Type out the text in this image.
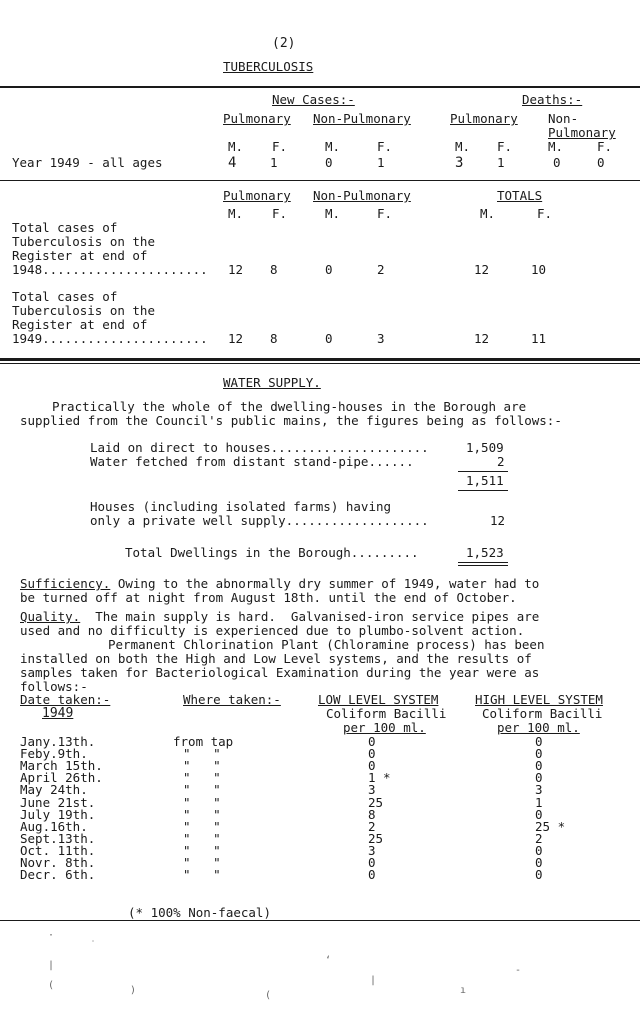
(2)
TUBERCULOSIS
New Cases:-	Deaths:-
Pulmonary Non-Pulmonary	Pulmonary Non-
Pulmonary
M. F.	M.	F.	M. F.	M.	F.
Year 1949 - all ages	4	1	0	1	3	1	0	0
Pulmonary Non-Pulmonary	TOTALS
M. F.	M.	F.	M.	F.
Total cases of
Tuberculosis on the
Register at end of
1948...................... 12 8	0	2	12	10
Total cases of
Tuberculosis on the
Register at end of
1949...................... 12 8	0	3	12	11
WATER SUPPLY.
Practically the whole of the dwelling-houses in the Borough are
supplied from the Council's public mains, the figures being as follows:-
Laid on direct to houses.....................	1,509
Water fetched from distant stand-pipe......	2
1,511
Houses (including isolated farms) having
only a private well supply...................	12
Total Dwellings in the Borough.........	1,523
Sufficiency. Owing to the abnormally dry summer of 1949, water had to
be turned off at night from August 18th. until the end of October.
Quality.  The main supply is hard.  Galvanised-iron service pipes are
used and no difficulty is experienced due to plumbo-solvent action.
Permanent Chlorination Plant (Chloramine process) has been
installed on both the High and Low Level systems, and the results of
samples taken for Bacteriological Examination during the year were as
follows:-
Date taken:-
1949
Where taken:-	LOW LEVEL SYSTEM	HIGH LEVEL SYSTEM
Coliform Bacilli	Coliform Bacilli
per 100 ml.	per 100 ml.
Jany.13th.	from tap	0	0
Feby.9th.	"   "	0	0
March 15th.	"   "	0	0
April 26th.	"   "	1 *	0
May 24th.	"   "	3	3
June 21st.	"   "	25	1
July 19th.	"   "	8	0
Aug.16th.	"   "	2	25 *
Sept.13th.	"   "	25	2
Oct. 11th.	"   "	3	0
Novr. 8th.	"   "	0	0
Decr. 6th.	"   "	0	0
(* 100% Non-faecal)
·
˙
|
(	)	(
‘
|
ı
-
